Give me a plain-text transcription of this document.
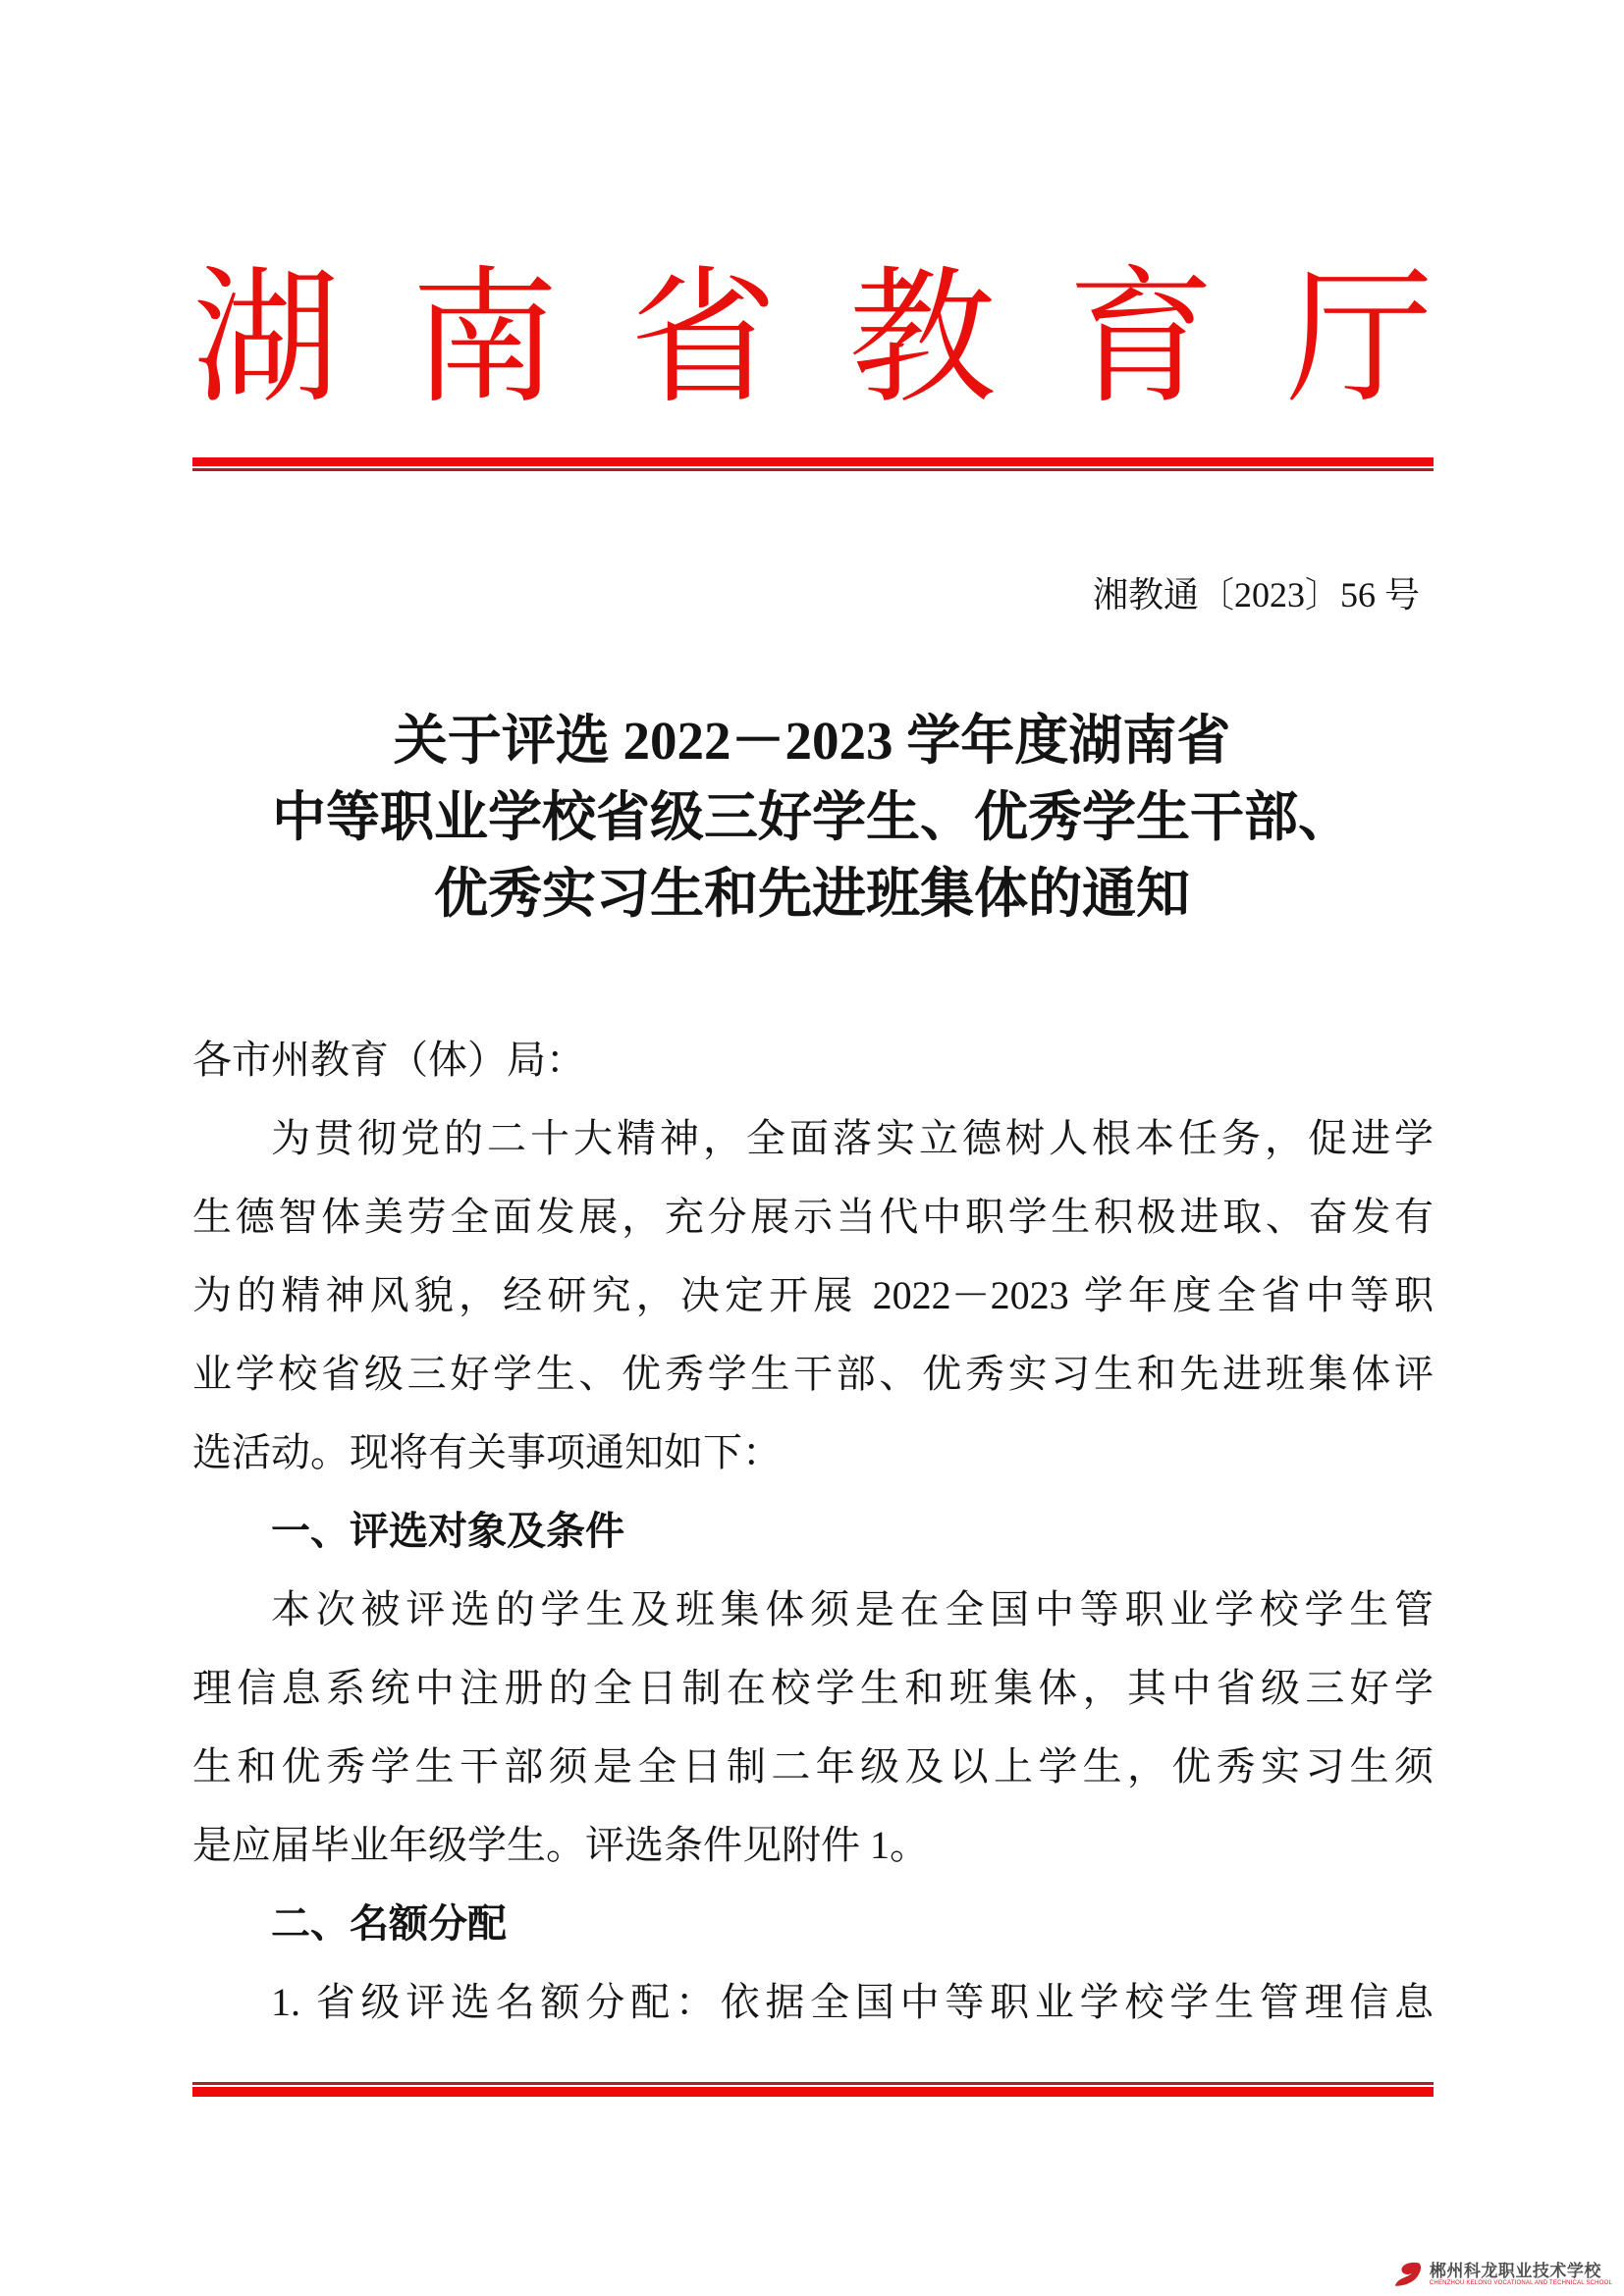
湖 南 省 教 育 厅
湘教通〔2023〕56 号
关于评选 2022－2023 学年度湖南省
中等职业学校省级三好学生、优秀学生干部、
优秀实习生和先进班集体的通知
各市州教育（体）局：
为贯彻党的二十大精神，全面落实立德树人根本任务，促进学
生德智体美劳全面发展，充分展示当代中职学生积极进取、奋发有
为的精神风貌，经研究，决定开展 2022－2023 学年度全省中等职
业学校省级三好学生、优秀学生干部、优秀实习生和先进班集体评
选活动。现将有关事项通知如下：
一、评选对象及条件
本次被评选的学生及班集体须是在全国中等职业学校学生管
理信息系统中注册的全日制在校学生和班集体，其中省级三好学
生和优秀学生干部须是全日制二年级及以上学生，优秀实习生须
是应届毕业年级学生。评选条件见附件 1。
二、名额分配
1. 省级评选名额分配：依据全国中等职业学校学生管理信息
郴州科龙职业技术学校
CHENZHOU KELONG VOCATIONAL AND TECHNICAL SCHOOL
